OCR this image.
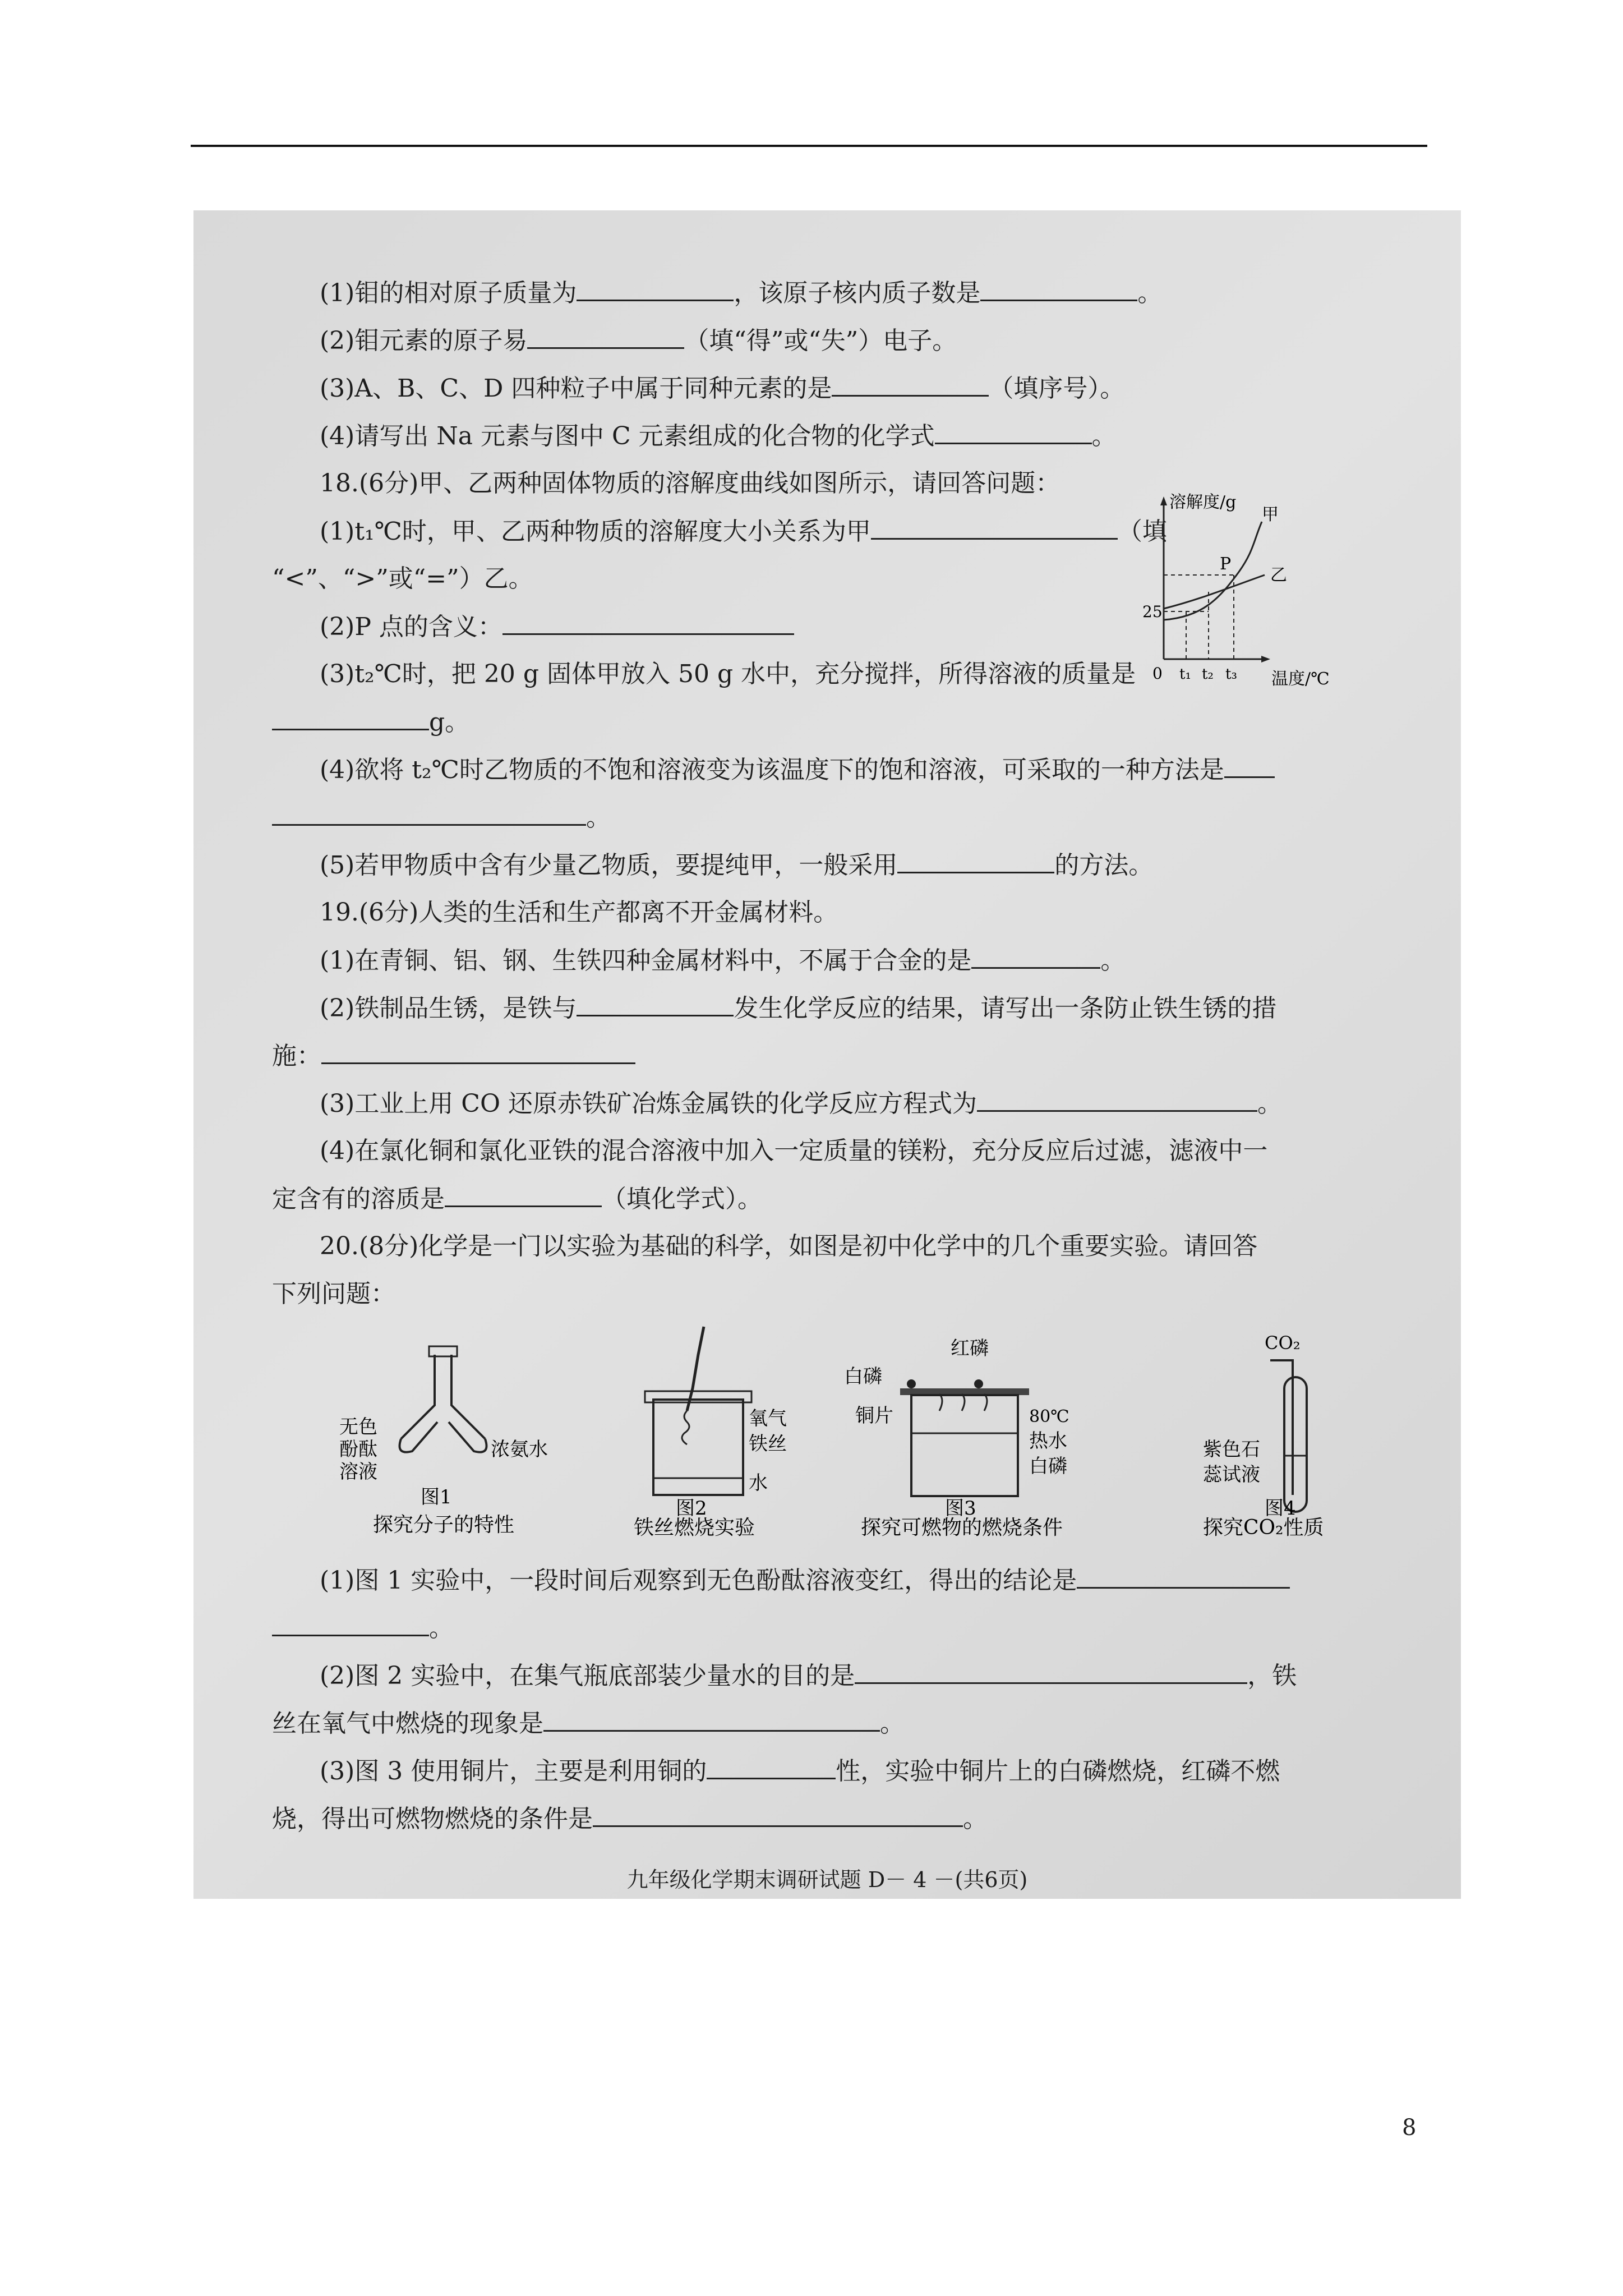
(1)钼的相对原子质量为	，该原子核内质子数是	。
(2)钼元素的原子易	（填“得”或“失”）电子。
(3)A、B、C、D 四种粒子中属于同种元素的是	（填序号）。
(4)请写出 Na 元素与图中 C 元素组成的化合物的化学式	。
18.(6分)甲、乙两种固体物质的溶解度曲线如图所示，请回答问题：
(1)t₁℃时，甲、乙两种物质的溶解度大小关系为甲	（填
“<”、“>”或“=”）乙。
(2)P 点的含义：
(3)t₂℃时，把 20 g 固体甲放入 50 g 水中，充分搅拌，所得溶液的质量是
g。
(4)欲将 t₂℃时乙物质的不饱和溶液变为该温度下的饱和溶液，可采取的一种方法是
。
(5)若甲物质中含有少量乙物质，要提纯甲，一般采用	的方法。
溶解度/g
温度/℃
P
甲
乙
25
0 t₁ t₂ t₃
19.(6分)人类的生活和生产都离不开金属材料。
(1)在青铜、铝、钢、生铁四种金属材料中，不属于合金的是	。
(2)铁制品生锈，是铁与	发生化学反应的结果，请写出一条防止铁生锈的措
施：
(3)工业上用 CO 还原赤铁矿冶炼金属铁的化学反应方程式为	。
(4)在氯化铜和氯化亚铁的混合溶液中加入一定质量的镁粉，充分反应后过滤，滤液中一
定含有的溶质是	（填化学式）。
20.(8分)化学是一门以实验为基础的科学，如图是初中化学中的几个重要实验。请回答
下列问题：
无色
酚酞
溶液
浓氨水
图1
探究分子的特性
氧气
铁丝
水
图2
铁丝燃烧实验
红磷
白磷
铜片	80℃
热水
白磷
图3
探究可燃物的燃烧条件
CO₂
紫色石
蕊试液
图4
探究CO₂性质
(1)图 1 实验中，一段时间后观察到无色酚酞溶液变红，得出的结论是
。
(2)图 2 实验中，在集气瓶底部装少量水的目的是	，铁
丝在氧气中燃烧的现象是	。
(3)图 3 使用铜片，主要是利用铜的	性，实验中铜片上的白磷燃烧，红磷不燃
烧，得出可燃物燃烧的条件是	。
九年级化学期末调研试题 D－ 4 －(共6页)
8
